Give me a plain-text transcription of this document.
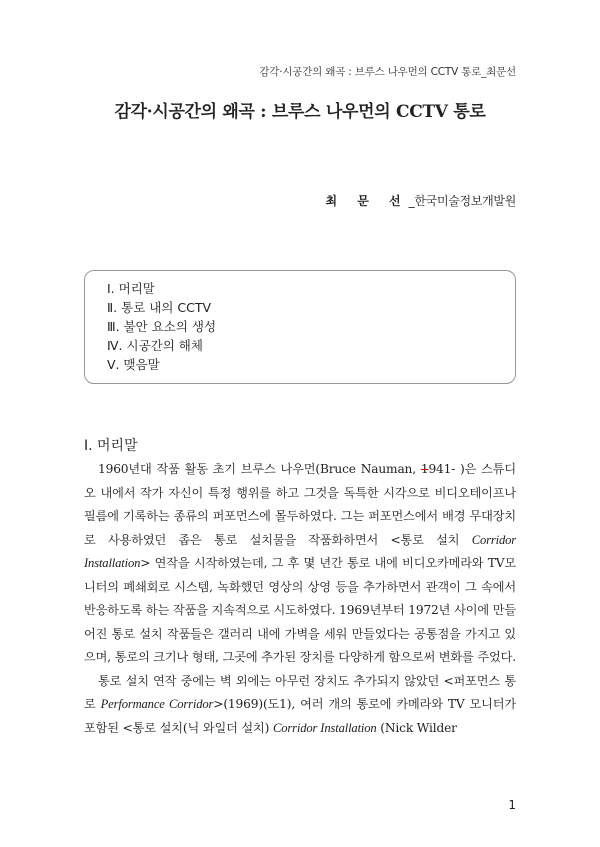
감각·시공간의 왜곡 : 브루스 나우먼의 CCTV 통로_최문선
감각·시공간의 왜곡 : 브루스 나우먼의 CCTV 통로
최 문 선_한국미술정보개발원
Ⅰ. 머리말
Ⅱ. 통로 내의 CCTV
Ⅲ. 불안 요소의 생성
Ⅳ. 시공간의 해체
Ⅴ. 맺음말
Ⅰ. 머리말

1960년대 작품 활동 초기 브루스 나우먼(Bruce Nauman, 1941- )은 스튜디오 내에서 작가 자신이 특정 행위를 하고 그것을 독특한 시각으로 비디오테이프나 필름에 기록하는 종류의 퍼포먼스에 몰두하였다. 그는 퍼포먼스에서 배경 무대장치로 사용하였던 좁은 통로 설치물을 작품화하면서 <통로 설치 Corridor Installation> 연작을 시작하였는데, 그 후 몇 년간 통로 내에 비디오카메라와 TV모니터의 폐쇄회로 시스템, 녹화했던 영상의 상영 등을 추가하면서 관객이 그 속에서 반응하도록 하는 작품을 지속적으로 시도하였다. 1969년부터 1972년 사이에 만들어진 통로 설치 작품들은 갤러리 내에 가벽을 세워 만들었다는 공통점을 가지고 있으며, 통로의 크기나 형태, 그곳에 추가된 장치를 다양하게 함으로써 변화를 주었다.

통로 설치 연작 중에는 벽 외에는 아무런 장치도 추가되지 않았던 <퍼포먼스 통로 Performance Corridor>(1969)(도1), 여러 개의 통로에 카메라와 TV 모니터가 포함된 <통로 설치(닉 와일더 설치) Corridor Installation (Nick Wilder

1
